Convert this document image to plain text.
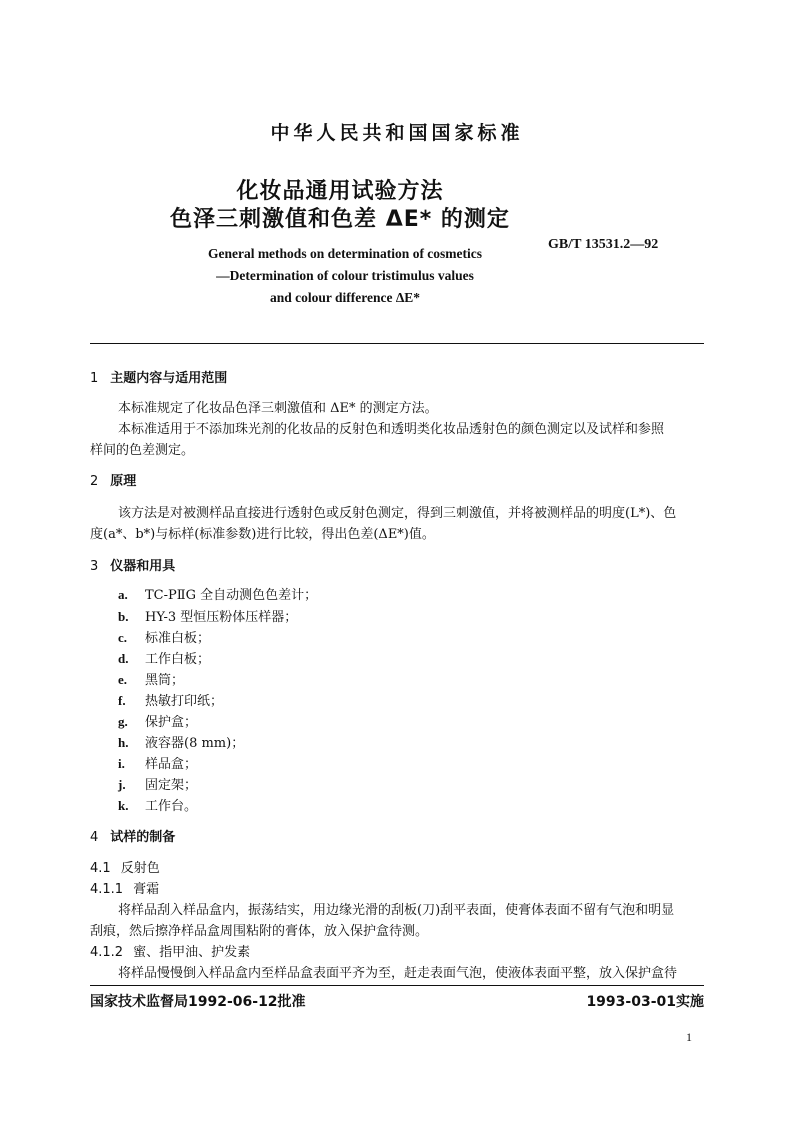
中华人民共和国国家标准
化妆品通用试验方法
色泽三刺激值和色差 ΔE* 的测定
GB/T 13531.2—92
General methods on determination of cosmetics
—Determination of colour tristimulus values
and colour difference ΔE*
1 主题内容与适用范围
本标准规定了化妆品色泽三刺激值和 ΔE* 的测定方法。
本标准适用于不添加珠光剂的化妆品的反射色和透明类化妆品透射色的颜色测定以及试样和参照
样间的色差测定。
2 原理
该方法是对被测样品直接进行透射色或反射色测定，得到三刺激值，并将被测样品的明度(L*)、色
度(a*、b*)与标样(标准参数)进行比较，得出色差(ΔE*)值。
3 仪器和用具
a. TC-PⅡG 全自动测色色差计；
b. HY-3 型恒压粉体压样器；
c. 标准白板；
d. 工作白板；
e. 黑筒；
f. 热敏打印纸；
g. 保护盒；
h. 液容器(8 mm)；
i. 样品盒；
j. 固定架；
k. 工作台。
4 试样的制备
4.1 反射色
4.1.1 膏霜
将样品刮入样品盒内，振荡结实，用边缘光滑的刮板(刀)刮平表面，使膏体表面不留有气泡和明显
刮痕，然后擦净样品盒周围粘附的膏体，放入保护盒待测。
4.1.2 蜜、指甲油、护发素
将样品慢慢倒入样品盒内至样品盒表面平齐为至，赶走表面气泡，使液体表面平整，放入保护盒待
国家技术监督局1992-06-12批准	1993-03-01实施
1
